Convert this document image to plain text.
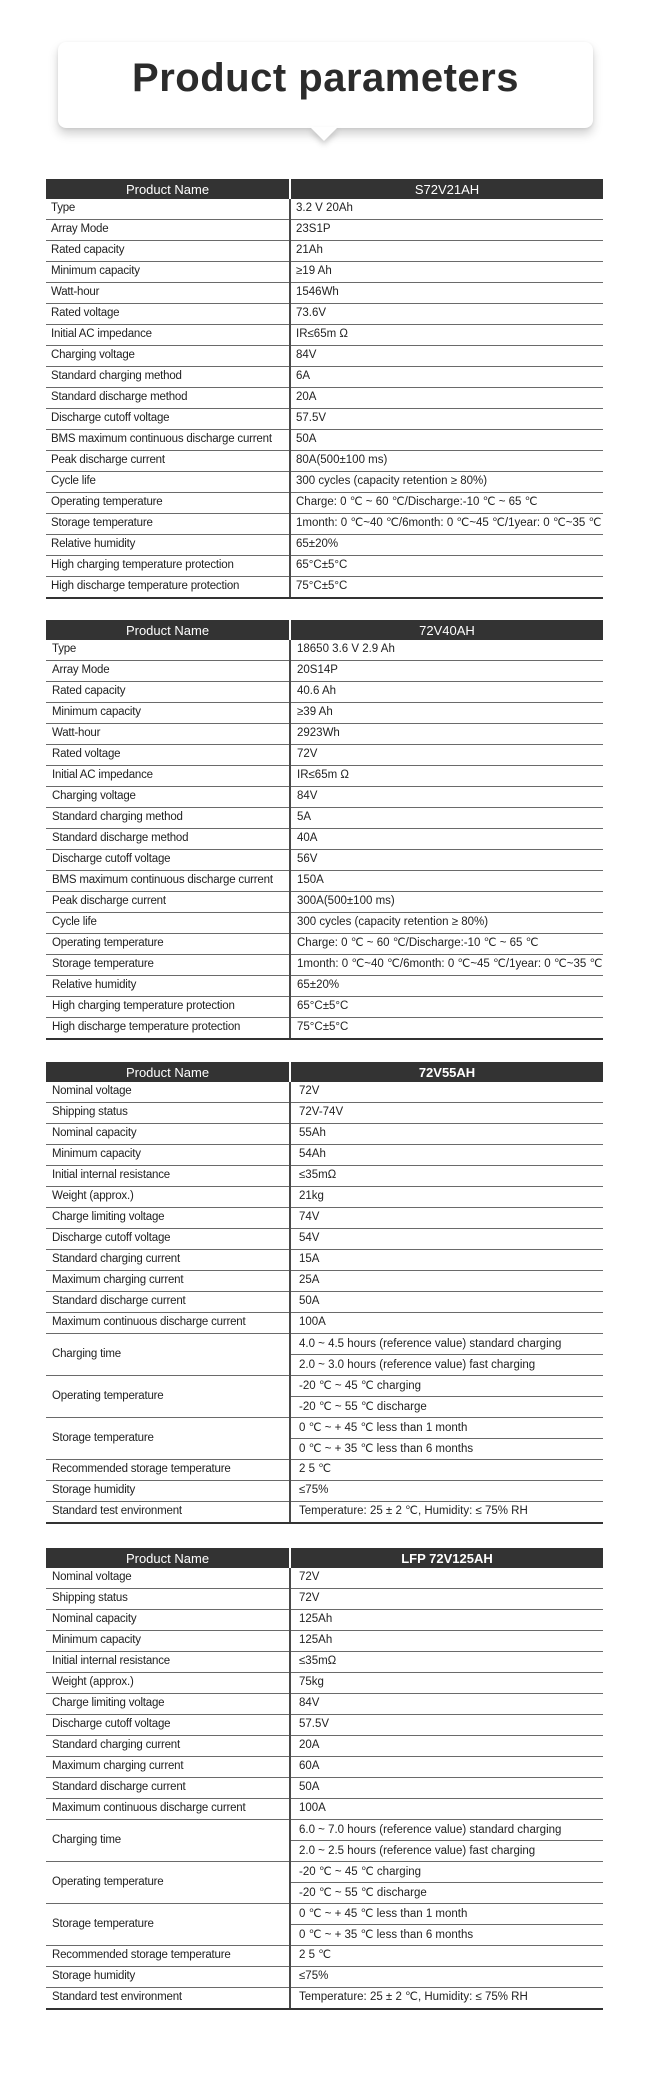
Product parameters
Product Name	S72V21AH
Type	3.2 V 20Ah
Array Mode	23S1P
Rated capacity	21Ah
Minimum capacity	≥19 Ah
Watt-hour	1546Wh
Rated voltage	73.6V
Initial AC impedance	IR≤65m Ω
Charging voltage	84V
Standard charging method	6A
Standard discharge method	20A
Discharge cutoff voltage	57.5V
BMS maximum continuous discharge current	50A
Peak discharge current	80A(500±100 ms)
Cycle life	300 cycles (capacity retention ≥ 80%)
Operating temperature	Charge: 0 ℃ ~ 60 ℃/Discharge:-10 ℃ ~ 65 ℃
Storage temperature	1month: 0 ℃~40 ℃/6month: 0 ℃~45 ℃/1year: 0 ℃~35 ℃
Relative humidity	65±20%
High charging temperature protection	65°C±5°C
High discharge temperature protection	75°C±5°C
Product Name	72V40AH
Type	18650 3.6 V 2.9 Ah
Array Mode	20S14P
Rated capacity	40.6 Ah
Minimum capacity	≥39 Ah
Watt-hour	2923Wh
Rated voltage	72V
Initial AC impedance	IR≤65m Ω
Charging voltage	84V
Standard charging method	5A
Standard discharge method	40A
Discharge cutoff voltage	56V
BMS maximum continuous discharge current	150A
Peak discharge current	300A(500±100 ms)
Cycle life	300 cycles (capacity retention ≥ 80%)
Operating temperature	Charge: 0 ℃ ~ 60 ℃/Discharge:-10 ℃ ~ 65 ℃
Storage temperature	1month: 0 ℃~40 ℃/6month: 0 ℃~45 ℃/1year: 0 ℃~35 ℃
Relative humidity	65±20%
High charging temperature protection	65°C±5°C
High discharge temperature protection	75°C±5°C
Product Name	72V55AH
Nominal voltage	72V
Shipping status	72V-74V
Nominal capacity	55Ah
Minimum capacity	54Ah
Initial internal resistance	≤35mΩ
Weight (approx.)	21kg
Charge limiting voltage	74V
Discharge cutoff voltage	54V
Standard charging current	15A
Maximum charging current	25A
Standard discharge current	50A
Maximum continuous discharge current	100A
Charging time	4.0 ~ 4.5 hours (reference value) standard charging
2.0 ~ 3.0 hours (reference value) fast charging

Operating temperature	-20 ℃ ~ 45 ℃ charging
-20 ℃ ~ 55 ℃ discharge

Storage temperature	0 ℃ ~ + 45 ℃ less than 1 month
0 ℃ ~ + 35 ℃ less than 6 months

Recommended storage temperature	2 5 ℃
Storage humidity	≤75%
Standard test environment	Temperature: 25 ± 2 ℃, Humidity: ≤ 75% RH
Product Name	LFP 72V125AH
Nominal voltage	72V
Shipping status	72V
Nominal capacity	125Ah
Minimum capacity	125Ah
Initial internal resistance	≤35mΩ
Weight (approx.)	75kg
Charge limiting voltage	84V
Discharge cutoff voltage	57.5V
Standard charging current	20A
Maximum charging current	60A
Standard discharge current	50A
Maximum continuous discharge current	100A
Charging time	6.0 ~ 7.0 hours (reference value) standard charging
2.0 ~ 2.5 hours (reference value) fast charging

Operating temperature	-20 ℃ ~ 45 ℃ charging
-20 ℃ ~ 55 ℃ discharge

Storage temperature	0 ℃ ~ + 45 ℃ less than 1 month
0 ℃ ~ + 35 ℃ less than 6 months

Recommended storage temperature	2 5 ℃
Storage humidity	≤75%
Standard test environment	Temperature: 25 ± 2 ℃, Humidity: ≤ 75% RH
